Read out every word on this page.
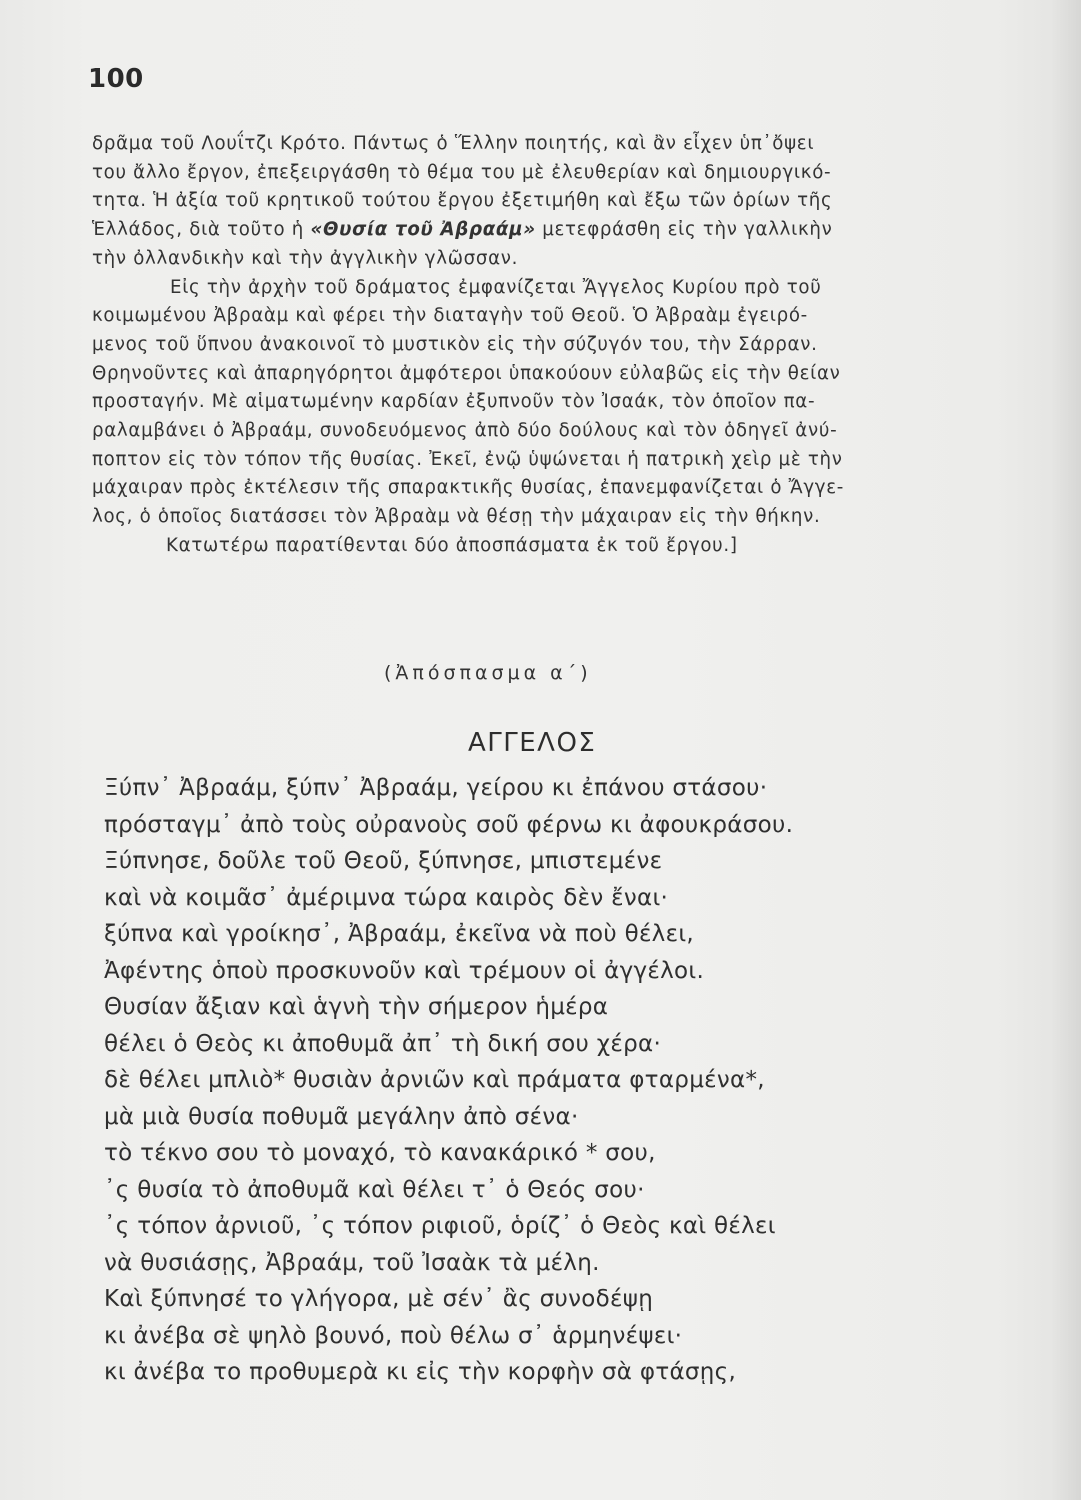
100
δρᾶμα τοῦ Λουΐτζι Κρότο. Πάντως ὁ Ἕλλην ποιητής, καὶ ἂν εἶχεν ὑπ᾽ὄψει
του ἄλλο ἔργον, ἐπεξειργάσθη τὸ θέμα του μὲ ἐλευθερίαν καὶ δημιουργικό-
τητα. Ἡ ἀξία τοῦ κρητικοῦ τούτου ἔργου ἐξετιμήθη καὶ ἔξω τῶν ὁρίων τῆς
Ἑλλάδος, διὰ τοῦτο ἡ «Θυσία τοῦ Ἀβραάμ» μετεφράσθη εἰς τὴν γαλλικὴν
τὴν ὀλλανδικὴν καὶ τὴν ἀγγλικὴν γλῶσσαν.
Εἰς τὴν ἀρχὴν τοῦ δράματος ἐμφανίζεται Ἄγγελος Κυρίου πρὸ τοῦ
κοιμωμένου Ἀβραὰμ καὶ φέρει τὴν διαταγὴν τοῦ Θεοῦ. Ὁ Ἀβραὰμ ἐγειρό-
μενος τοῦ ὕπνου ἀνακοινοῖ τὸ μυστικὸν εἰς τὴν σύζυγόν του, τὴν Σάρραν.
Θρηνοῦντες καὶ ἀπαρηγόρητοι ἀμφότεροι ὑπακούουν εὐλαβῶς εἰς τὴν θείαν
προσταγήν. Μὲ αἱματωμένην καρδίαν ἐξυπνοῦν τὸν Ἰσαάκ, τὸν ὁποῖον πα-
ραλαμβάνει ὁ Ἀβραάμ, συνοδευόμενος ἀπὸ δύο δούλους καὶ τὸν ὁδηγεῖ ἀνύ-
ποπτον εἰς τὸν τόπον τῆς θυσίας. Ἐκεῖ, ἐνῷ ὑψώνεται ἡ πατρικὴ χεὶρ μὲ τὴν
μάχαιραν πρὸς ἐκτέλεσιν τῆς σπαρακτικῆς θυσίας, ἐπανεμφανίζεται ὁ Ἄγγε-
λος, ὁ ὁποῖος διατάσσει τὸν Ἀβραὰμ νὰ θέσῃ τὴν μάχαιραν εἰς τὴν θήκην.
Κατωτέρω παρατίθενται δύο ἀποσπάσματα ἐκ τοῦ ἔργου.]
(Ἀπόσπασμα α΄)
ΑΓΓΕΛΟΣ
Ξύπν᾽ Ἀβραάμ, ξύπν᾽ Ἀβραάμ, γείρου κι ἐπάνου στάσου·
πρόσταγμ᾽ ἀπὸ τοὺς οὐρανοὺς σοῦ φέρνω κι ἀφουκράσου.
Ξύπνησε, δοῦλε τοῦ Θεοῦ, ξύπνησε, μπιστεμένε
καὶ νὰ κοιμᾶσ᾽ ἀμέριμνα τώρα καιρὸς δὲν ἔναι·
ξύπνα καὶ γροίκησ᾽, Ἀβραάμ, ἐκεῖνα νὰ ποὺ θέλει,
Ἀφέντης ὁποὺ προσκυνοῦν καὶ τρέμουν οἱ ἀγγέλοι.
Θυσίαν ἄξιαν καὶ ἁγνὴ τὴν σήμερον ἡμέρα
θέλει ὁ Θεὸς κι ἀποθυμᾶ ἀπ᾽ τὴ δική σου χέρα·
δὲ θέλει μπλιὸ* θυσιὰν ἀρνιῶν καὶ πράματα φταρμένα*,
μὰ μιὰ θυσία ποθυμᾶ μεγάλην ἀπὸ σένα·
τὸ τέκνο σου τὸ μοναχό, τὸ κανακάρικό * σου,
᾽ς θυσία τὸ ἀποθυμᾶ καὶ θέλει τ᾽ ὁ Θεός σου·
᾽ς τόπον ἀρνιοῦ, ᾽ς τόπον ριφιοῦ, ὁρίζ᾽ ὁ Θεὸς καὶ θέλει
νὰ θυσιάσῃς, Ἀβραάμ, τοῦ Ἰσαὰκ τὰ μέλη.
Καὶ ξύπνησέ το γλήγορα, μὲ σέν᾽ ἂς συνοδέψῃ
κι ἀνέβα σὲ ψηλὸ βουνό, ποὺ θέλω σ᾽ ἁρμηνέψει·
κι ἀνέβα το προθυμερὰ κι εἰς τὴν κορφὴν σὰ φτάσῃς,
